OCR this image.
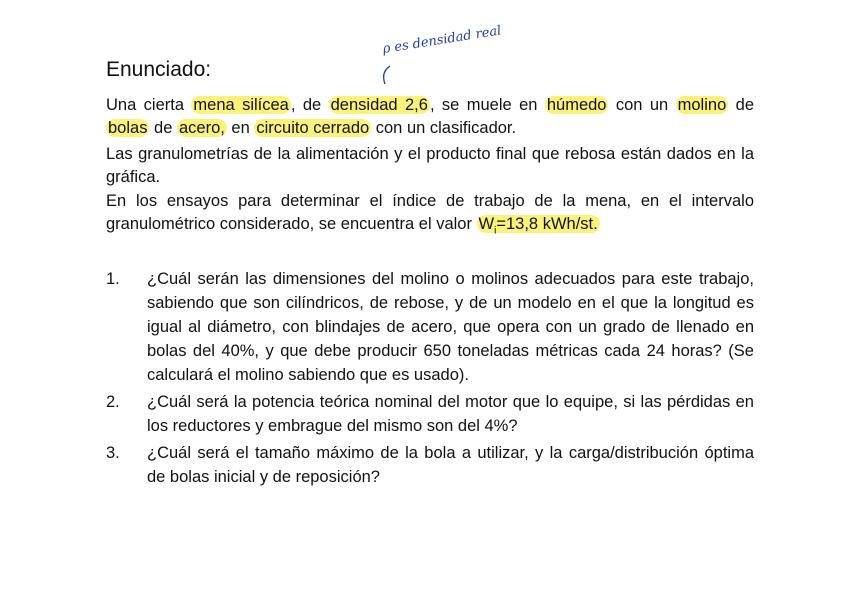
Enunciado:
ρ es densidad real
Una cierta mena silícea , de densidad 2,6 , se muele en húmedo con un molino de bolas de acero, en circuito cerrado con un clasificador.
Las granulometrías de la alimentación y el producto final que rebosa están dados en la gráfica.
En los ensayos para determinar el índice de trabajo de la mena, en el intervalo granulométrico considerado, se encuentra el valor $W_i=13,8$ kWh/st.
1.	¿Cuál serán las dimensiones del molino o molinos adecuados para este trabajo, sabiendo que son cilíndricos, de rebose, y de un modelo en el que la longitud es igual al diámetro, con blindajes de acero, que opera con un grado de llenado en bolas del 40%, y que debe producir 650 toneladas métricas cada 24 horas? (Se calculará el molino sabiendo que es usado).
2.	¿Cuál será la potencia teórica nominal del motor que lo equipe, si las pérdidas en los reductores y embrague del mismo son del 4%?
3.	¿Cuál será el tamaño máximo de la bola a utilizar, y la carga/distribución óptima de bolas inicial y de reposición?
